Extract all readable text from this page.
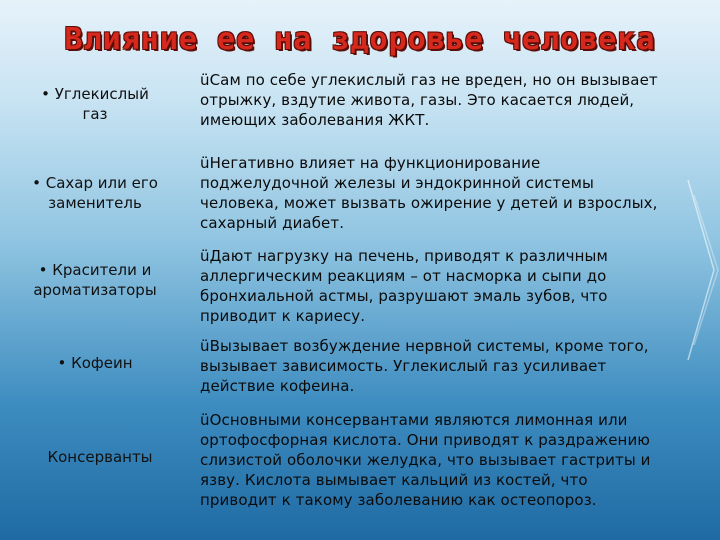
Влияние ее на здоровье человека
• Углекислый газ
üСам по себе углекислый газ не вреден, но он вызывает отрыжку, вздутие живота, газы. Это касается людей, имеющих заболевания ЖКТ.
• Сахар или его заменитель
üНегативно влияет на функционирование поджелудочной железы и эндокринной системы человека, может вызвать ожирение у детей и взрослых, сахарный диабет.
• Красители и ароматизаторы
üДают нагрузку на печень, приводят к различным аллергическим реакциям – от насморка и сыпи до бронхиальной астмы, разрушают эмаль зубов, что приводит к кариесу.
• Кофеин
üВызывает возбуждение нервной системы, кроме того, вызывает зависимость. Углекислый газ усиливает действие кофеина.
Консерванты
üОсновными консервантами являются лимонная или ортофосфорная кислота. Они приводят к раздражению слизистой оболочки желудка, что вызывает гастриты и язву. Кислота вымывает кальций из костей, что приводит к такому заболеванию как остеопороз.
